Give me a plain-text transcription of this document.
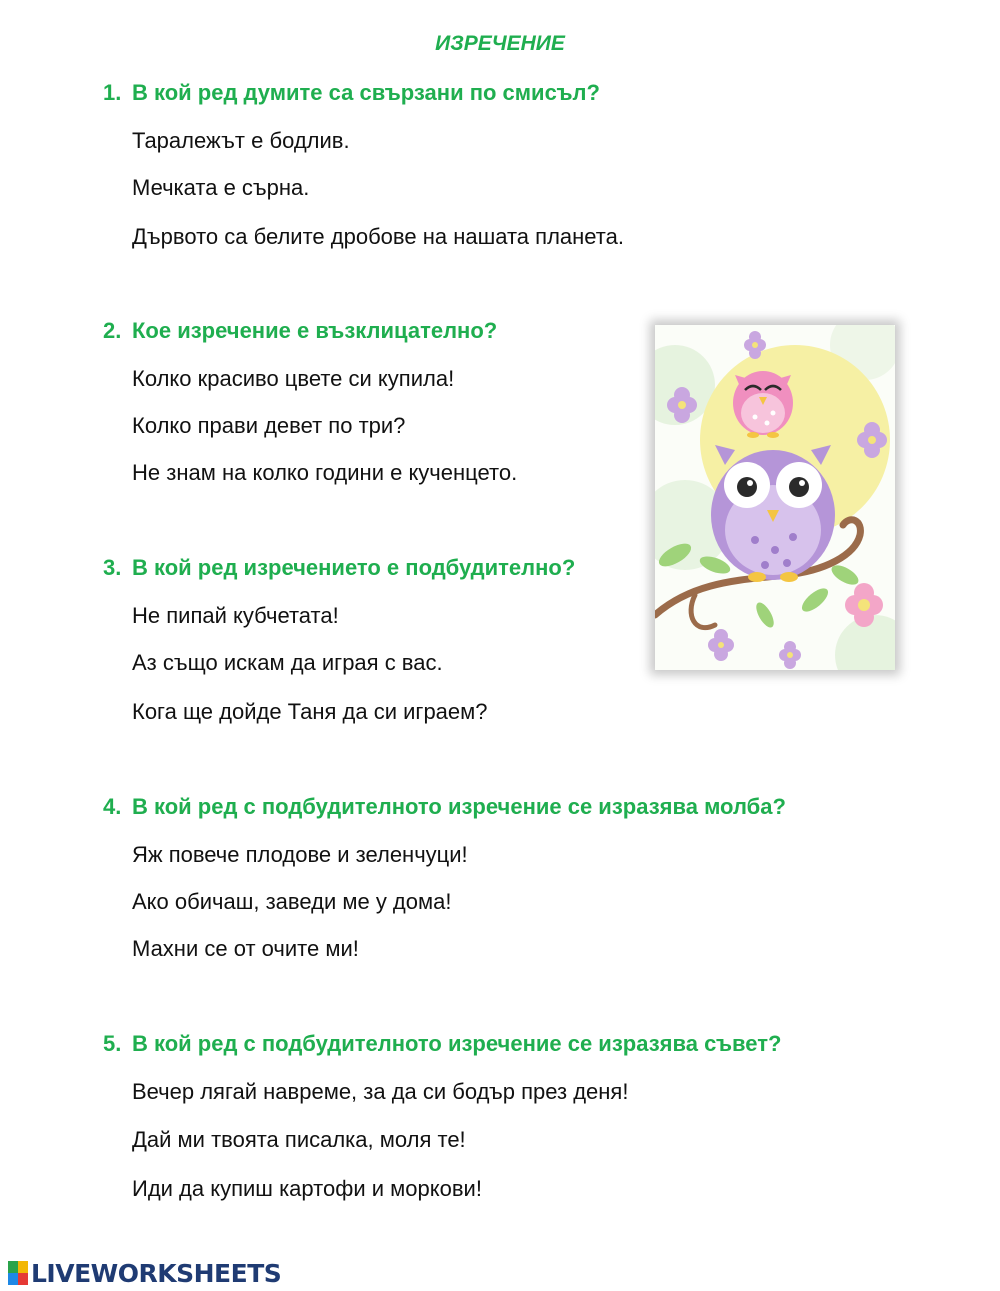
ИЗРЕЧЕНИЕ
1. В кой ред думите са свързани по смисъл?
Таралежът е бодлив.
Мечката е сърна.
Дървото са белите дробове на нашата планета.
2. Кое изречение е възклицателно?
Колко красиво цвете си купила!
Колко прави девет по три?
Не знам на колко години е кученцето.
3. В кой ред изречението е подбудително?
Не пипай кубчетата!
Аз също искам да играя с вас.
Кога ще дойде Таня да си играем?
4. В кой ред с подбудителното изречение се изразява молба?
Яж повече плодове и зеленчуци!
Ако обичаш, заведи ме у дома!
Махни се от очите ми!
5. В кой ред с подбудителното изречение се изразява съвет?
Вечер лягай навреме, за да си бодър през деня!
Дай ми твоята писалка, моля те!
Иди да купиш картофи и моркови!
LIVEWORKSHEETS
